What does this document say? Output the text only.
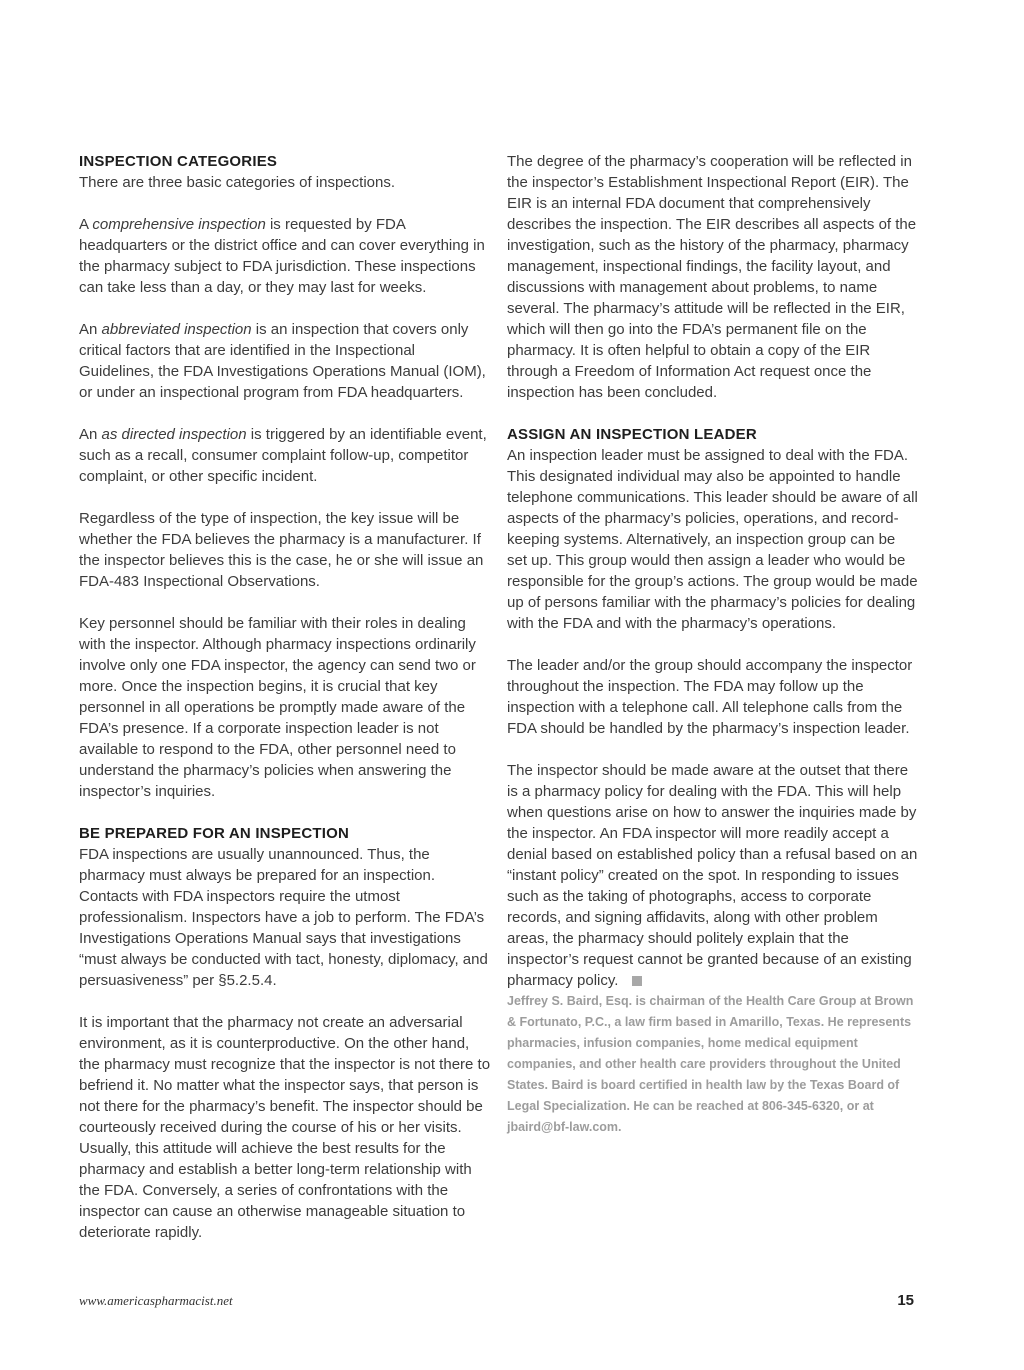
INSPECTION CATEGORIES

There are three basic categories of inspections.

A comprehensive inspection is requested by FDA headquarters or the district office and can cover everything in the pharmacy subject to FDA jurisdiction. These inspections can take less than a day, or they may last for weeks.

An abbreviated inspection is an inspection that covers only critical factors that are identified in the Inspectional Guidelines, the FDA Investigations Operations Manual (IOM), or under an inspectional program from FDA headquarters.

An as directed inspection is triggered by an identifiable event, such as a recall, consumer complaint follow-up, competitor complaint, or other specific incident.

Regardless of the type of inspection, the key issue will be whether the FDA believes the pharmacy is a manufacturer. If the inspector believes this is the case, he or she will issue an FDA-483 Inspectional Observations.

Key personnel should be familiar with their roles in dealing with the inspector. Although pharmacy inspections ordinarily involve only one FDA inspector, the agency can send two or more. Once the inspection begins, it is crucial that key personnel in all operations be promptly made aware of the FDA’s presence. If a corporate inspection leader is not available to respond to the FDA, other personnel need to understand the pharmacy’s policies when answering the inspector’s inquiries.

BE PREPARED FOR AN INSPECTION

FDA inspections are usually unannounced. Thus, the pharmacy must always be prepared for an inspection. Contacts with FDA inspectors require the utmost professionalism. Inspectors have a job to perform. The FDA’s Investigations Operations Manual says that investigations “must always be conducted with tact, honesty, diplomacy, and persuasiveness” per §5.2.5.4.

It is important that the pharmacy not create an adversarial environment, as it is counterproductive. On the other hand, the pharmacy must recognize that the inspector is not there to befriend it. No matter what the inspector says, that person is not there for the pharmacy’s benefit. The inspector should be courteously received during the course of his or her visits. Usually, this attitude will achieve the best results for the pharmacy and establish a better long-term relationship with the FDA. Conversely, a series of confrontations with the inspector can cause an otherwise manageable situation to deteriorate rapidly.

The degree of the pharmacy’s cooperation will be reflected in the inspector’s Establishment Inspectional Report (EIR). The EIR is an internal FDA document that comprehensively describes the inspection. The EIR describes all aspects of the investigation, such as the history of the pharmacy, pharmacy management, inspectional findings, the facility layout, and discussions with management about problems, to name several. The pharmacy’s attitude will be reflected in the EIR, which will then go into the FDA’s permanent file on the pharmacy. It is often helpful to obtain a copy of the EIR through a Freedom of Information Act request once the inspection has been concluded.

ASSIGN AN INSPECTION LEADER

An inspection leader must be assigned to deal with the FDA. This designated individual may also be appointed to handle telephone communications. This leader should be aware of all aspects of the pharmacy’s policies, operations, and record-keeping systems. Alternatively, an inspection group can be set up. This group would then assign a leader who would be responsible for the group’s actions. The group would be made up of persons familiar with the pharmacy’s policies for dealing with the FDA and with the pharmacy’s operations.

The leader and/or the group should accompany the inspector throughout the inspection. The FDA may follow up the inspection with a telephone call. All telephone calls from the FDA should be handled by the pharmacy’s inspection leader.

The inspector should be made aware at the outset that there is a pharmacy policy for dealing with the FDA. This will help when questions arise on how to answer the inquiries made by the inspector. An FDA inspector will more readily accept a denial based on established policy than a refusal based on an “instant policy” created on the spot. In responding to issues such as the taking of photographs, access to corporate records, and signing affidavits, along with other problem areas, the pharmacy should politely explain that the inspector’s request cannot be granted because of an existing pharmacy policy.

Jeffrey S. Baird, Esq. is chairman of the Health Care Group at Brown & Fortunato, P.C., a law firm based in Amarillo, Texas. He represents pharmacies, infusion companies, home medical equipment companies, and other health care providers throughout the United States. Baird is board certified in health law by the Texas Board of Legal Specialization. He can be reached at 806-345-6320, or at jbaird@bf-law.com.

www.americaspharmacist.net	15
